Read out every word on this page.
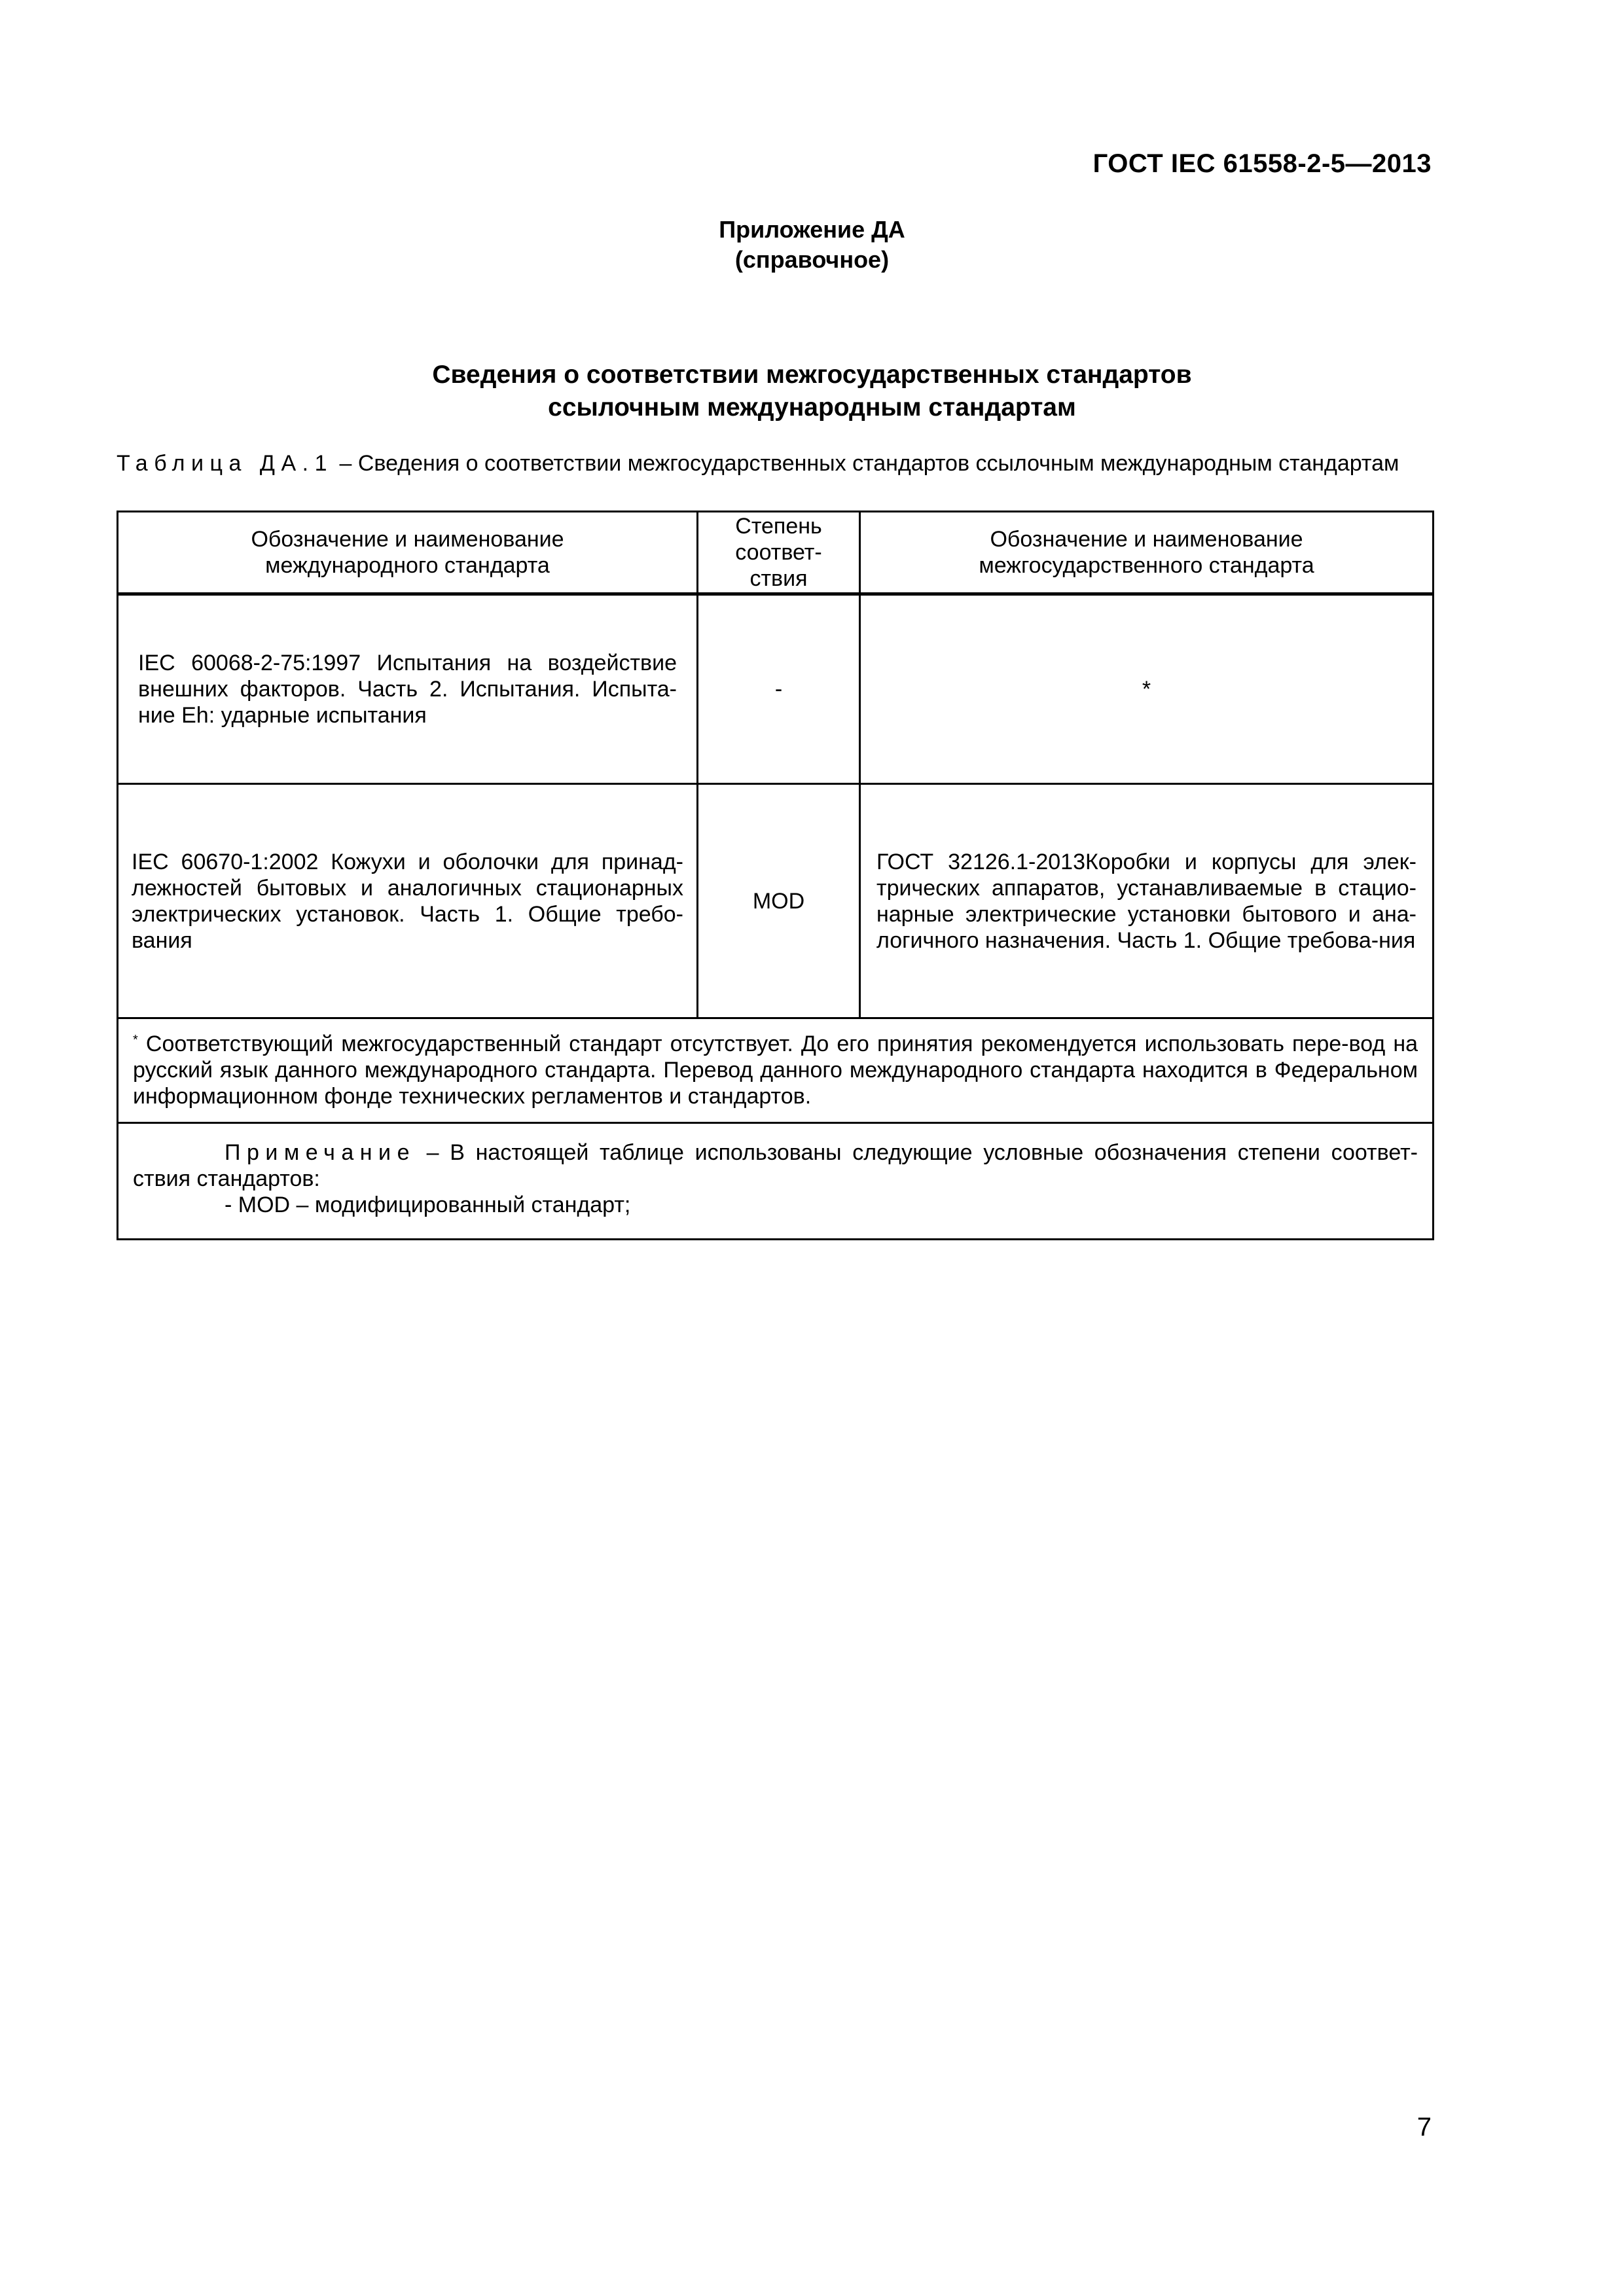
ГОСТ IEC 61558-2-5—2013
Приложение ДА
(справочное)
Сведения о соответствии межгосударственных стандартов
ссылочным международным стандартам
Таблица ДА.1 – Сведения о соответствии межгосударственных стандартов ссылочным международным стандартам
Обозначение и наименование международного стандарта	Степень соответ-ствия	Обозначение и наименование межгосударственного стандарта
IEC 60068-2-75:1997 Испытания на воздействие внешних факторов. Часть 2. Испытания. Испыта-ние Eh: ударные испытания	-	*
IEC 60670-1:2002 Кожухи и оболочки для принад-лежностей бытовых и аналогичных стационарных электрических установок. Часть 1. Общие требо-вания	MOD	ГОСТ 32126.1-2013Коробки и корпусы для элек-трических аппаратов, устанавливаемые в стацио-нарные электрические установки бытового и ана-логичного назначения. Часть 1. Общие требова-ния
* Соответствующий межгосударственный стандарт отсутствует. До его принятия рекомендуется использовать пере-вод на русский язык данного международного стандарта. Перевод данного международного стандарта находится в Федеральном информационном фонде технических регламентов и стандартов.		

Примечание – В настоящей таблице использованы следующие условные обозначения степени соответ-ствия стандартов:
- MOD – модифицированный стандарт;		
7
